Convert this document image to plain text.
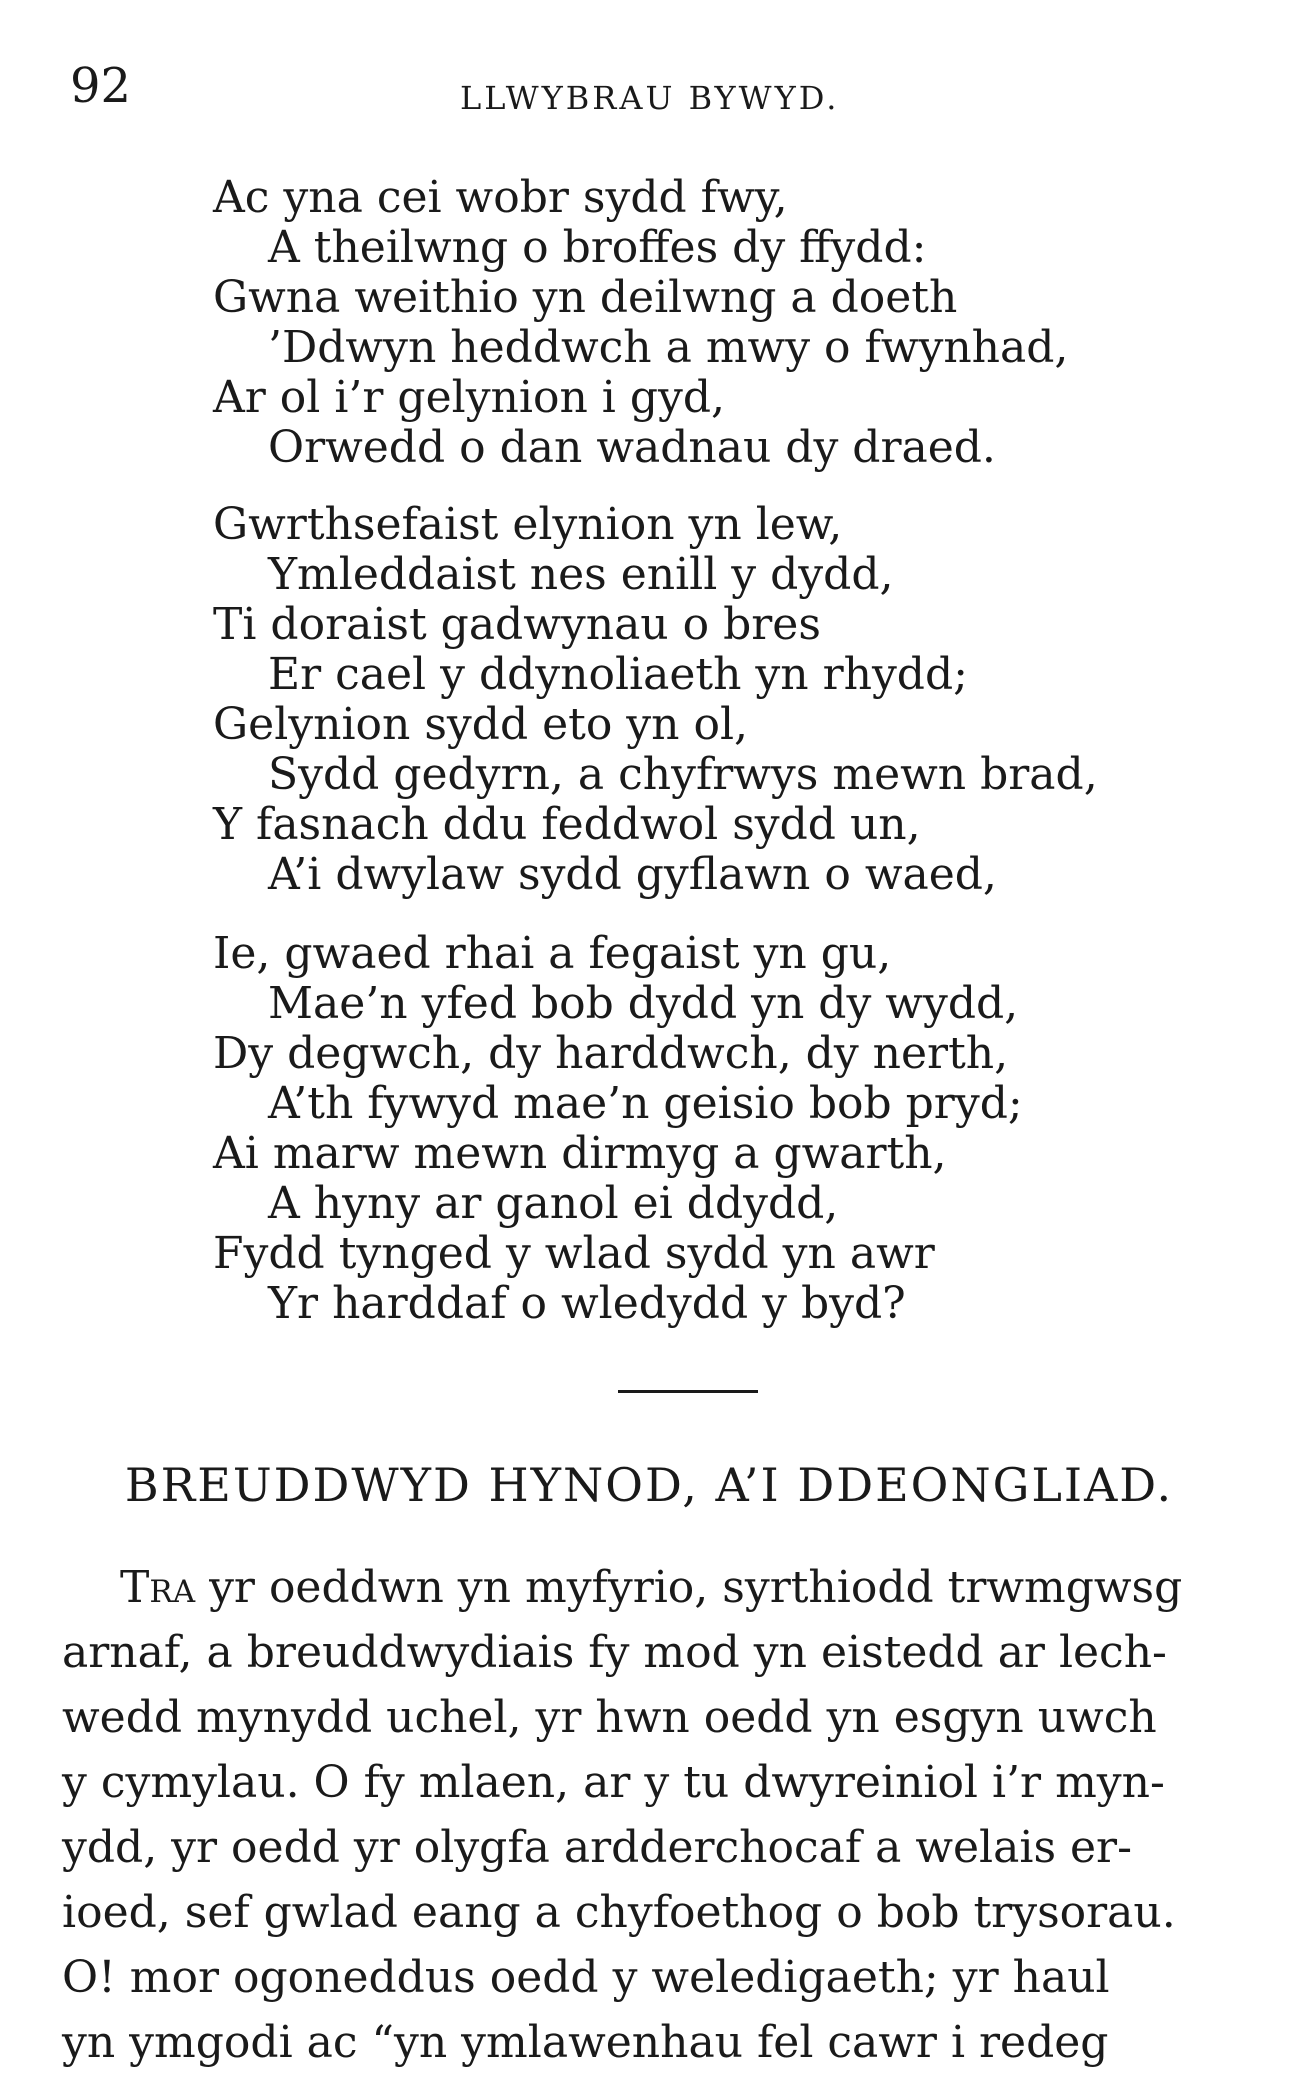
92	LLWYBRAU BYWYD.
Ac yna cei wobr sydd fwy,
A theilwng o broffes dy ffydd:
Gwna weithio yn deilwng a doeth
’Ddwyn heddwch a mwy o fwynhad,
Ar ol i’r gelynion i gyd,
Orwedd o dan wadnau dy draed.
Gwrthsefaist elynion yn lew,
Ymleddaist nes enill y dydd,
Ti doraist gadwynau o bres
Er cael y ddynoliaeth yn rhydd;
Gelynion sydd eto yn ol,
Sydd gedyrn, a chyfrwys mewn brad,
Y fasnach ddu feddwol sydd un,
A’i dwylaw sydd gyflawn o waed,
Ie, gwaed rhai a fegaist yn gu,
Mae’n yfed bob dydd yn dy wydd,
Dy degwch, dy harddwch, dy nerth,
A’th fywyd mae’n geisio bob pryd;
Ai marw mewn dirmyg a gwarth,
A hyny ar ganol ei ddydd,
Fydd tynged y wlad sydd yn awr
Yr harddaf o wledydd y byd?
BREUDDWYD HYNOD, A’I DDEONGLIAD.
Tra yr oeddwn yn myfyrio, syrthiodd trwmgwsg
arnaf, a breuddwydiais fy mod yn eistedd ar lech-
wedd mynydd uchel, yr hwn oedd yn esgyn uwch
y cymylau. O fy mlaen, ar y tu dwyreiniol i’r myn-
ydd, yr oedd yr olygfa ardderchocaf a welais er-
ioed, sef gwlad eang a chyfoethog o bob trysorau.
O! mor ogoneddus oedd y weledigaeth; yr haul
yn ymgodi ac “yn ymlawenhau fel cawr i redeg
